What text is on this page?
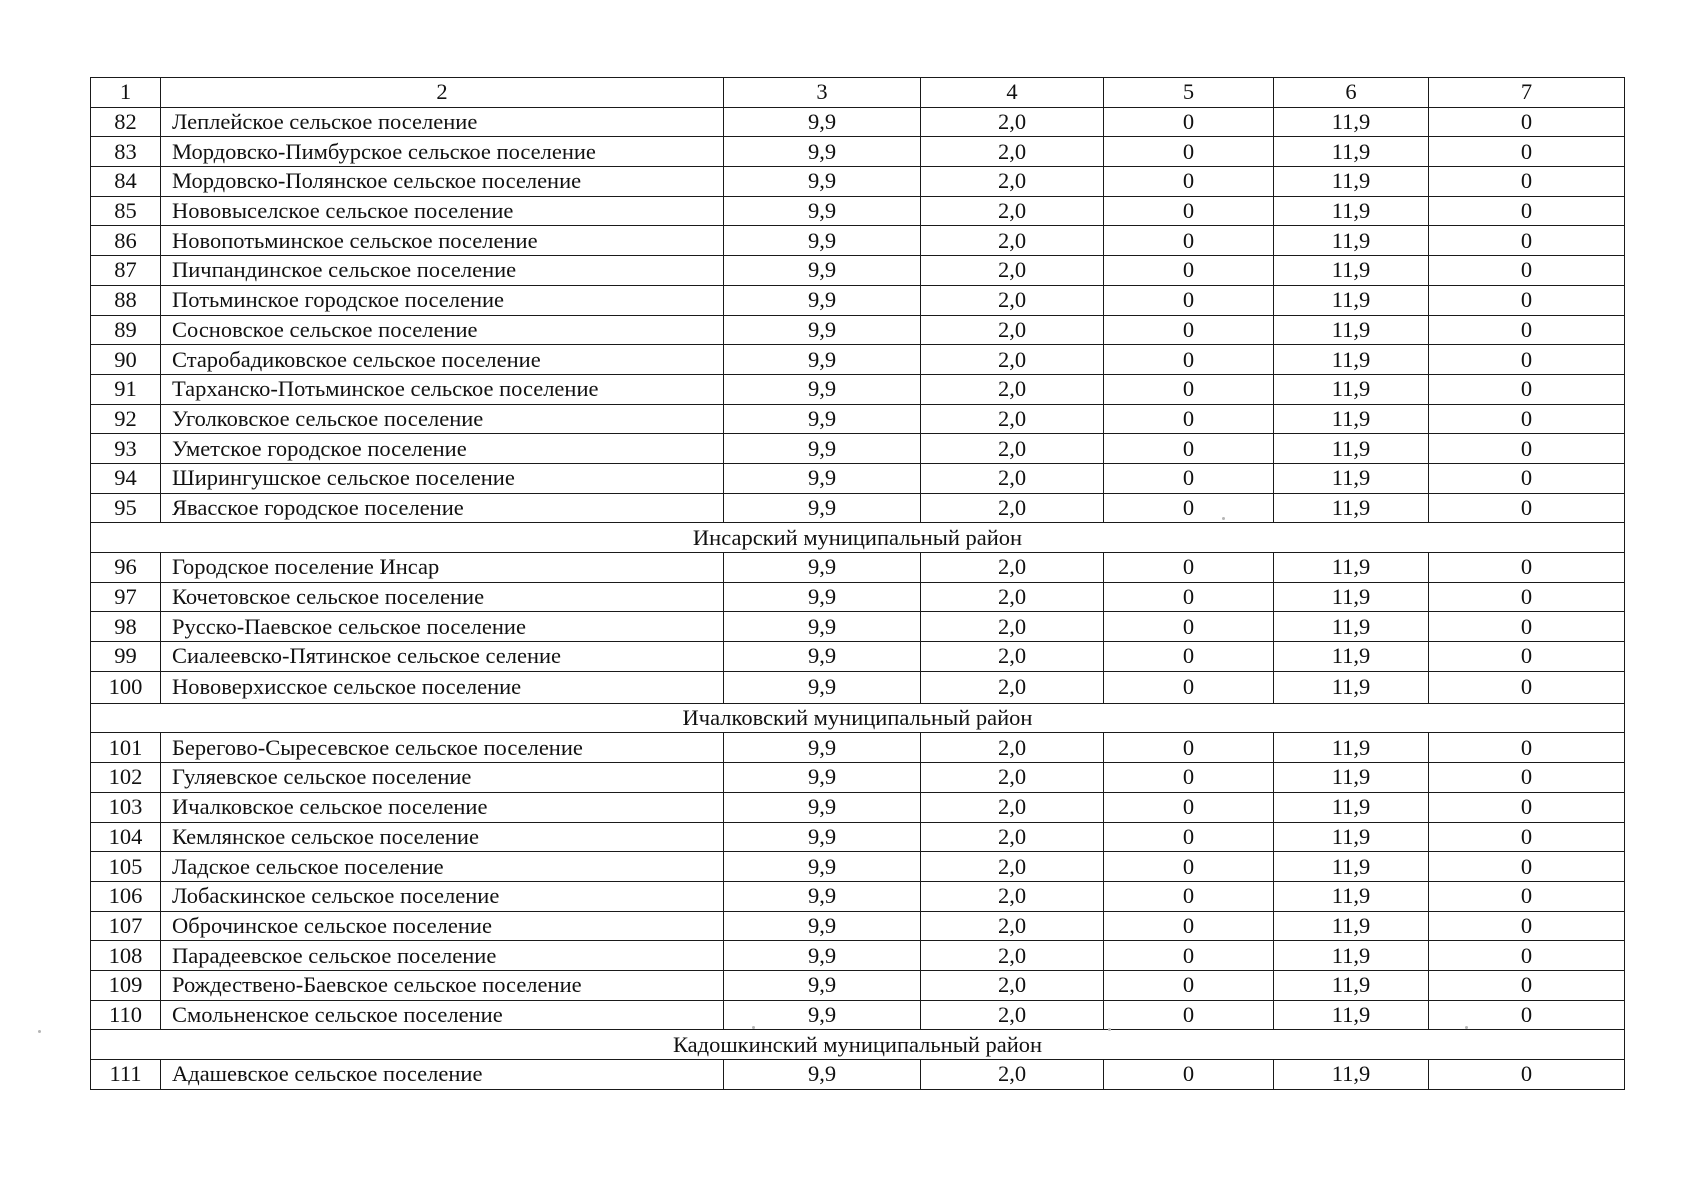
1	2	3	4	5	6	7
82	Леплейское сельское поселение	9,9	2,0	0	11,9	0
83	Мордовско-Пимбурское сельское поселение	9,9	2,0	0	11,9	0
84	Мордовско-Полянское сельское поселение	9,9	2,0	0	11,9	0
85	Нововыселское сельское поселение	9,9	2,0	0	11,9	0
86	Новопотьминское сельское поселение	9,9	2,0	0	11,9	0
87	Пичпандинское сельское поселение	9,9	2,0	0	11,9	0
88	Потьминское городское поселение	9,9	2,0	0	11,9	0
89	Сосновское сельское поселение	9,9	2,0	0	11,9	0
90	Старобадиковское сельское поселение	9,9	2,0	0	11,9	0
91	Тарханско-Потьминское сельское поселение	9,9	2,0	0	11,9	0
92	Уголковское сельское поселение	9,9	2,0	0	11,9	0
93	Уметское городское поселение	9,9	2,0	0	11,9	0
94	Ширингушское сельское поселение	9,9	2,0	0	11,9	0
95	Явасское городское поселение	9,9	2,0	0	11,9	0
Инсарский муниципальный район						
96	Городское поселение Инсар	9,9	2,0	0	11,9	0
97	Кочетовское сельское поселение	9,9	2,0	0	11,9	0
98	Русско-Паевское сельское поселение	9,9	2,0	0	11,9	0
99	Сиалеевско-Пятинское сельское селение	9,9	2,0	0	11,9	0
100	Нововерхисское сельское поселение	9,9	2,0	0	11,9	0
Ичалковский муниципальный район						
101	Берегово-Сыресевское сельское поселение	9,9	2,0	0	11,9	0
102	Гуляевское сельское поселение	9,9	2,0	0	11,9	0
103	Ичалковское сельское поселение	9,9	2,0	0	11,9	0
104	Кемлянское сельское поселение	9,9	2,0	0	11,9	0
105	Ладское сельское поселение	9,9	2,0	0	11,9	0
106	Лобаскинское сельское поселение	9,9	2,0	0	11,9	0
107	Оброчинское сельское поселение	9,9	2,0	0	11,9	0
108	Парадеевское сельское поселение	9,9	2,0	0	11,9	0
109	Рождествено-Баевское сельское поселение	9,9	2,0	0	11,9	0
110	Смольненское сельское поселение	9,9	2,0	0	11,9	0
Кадошкинский муниципальный район						
111	Адашевское сельское поселение	9,9	2,0	0	11,9	0
